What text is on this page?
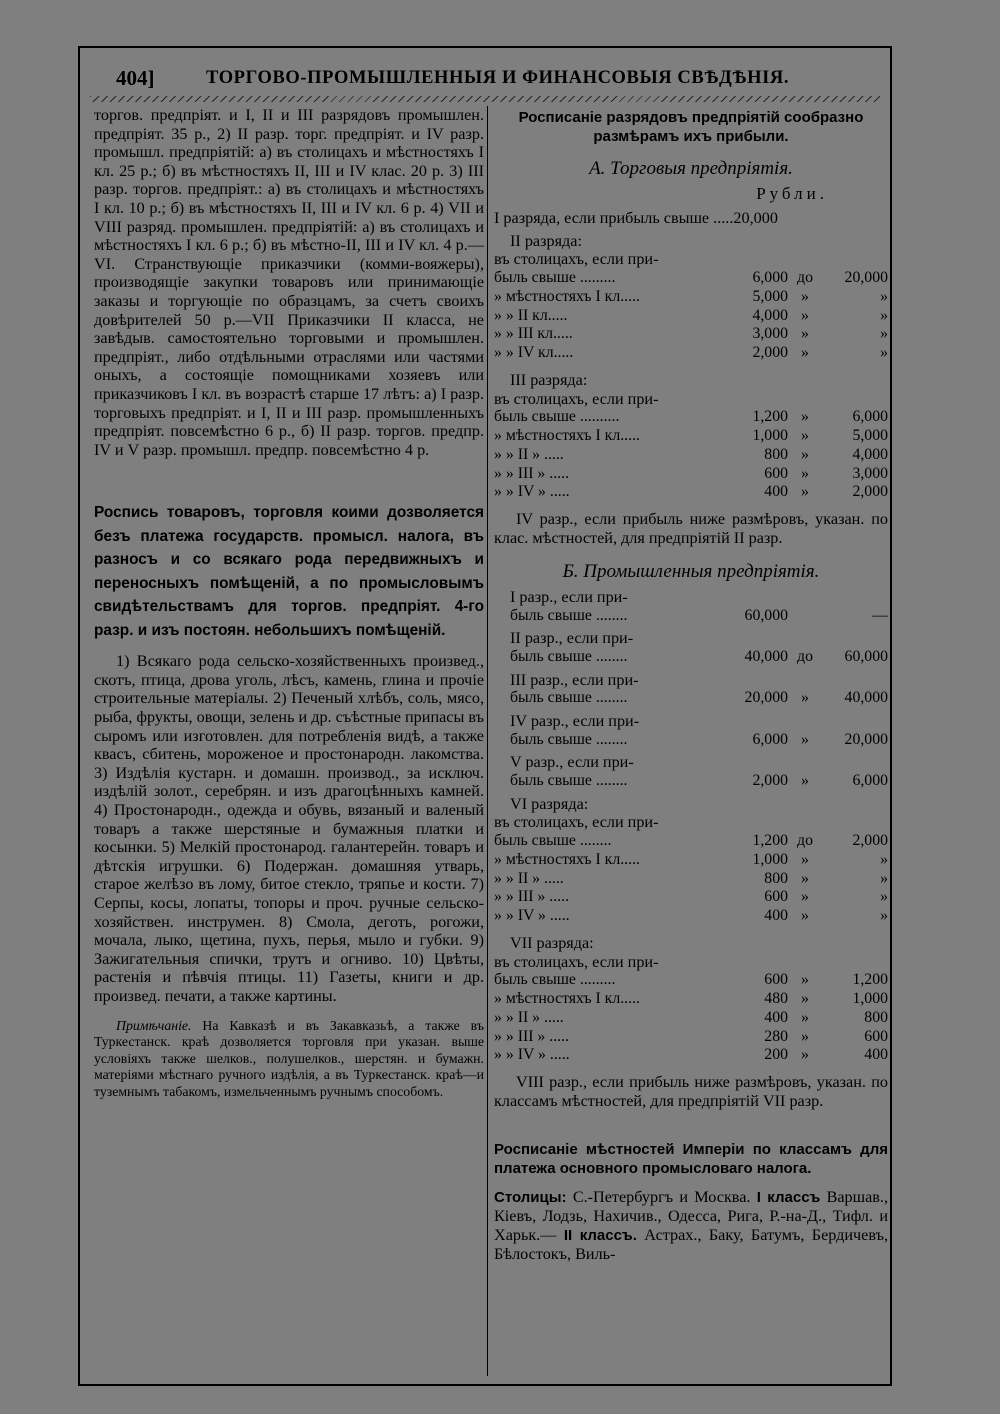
404]	ТОРГОВО-ПРОМЫШЛЕННЫЯ И ФИНАНСОВЫЯ СВѢДѢНІЯ.

торгов. предпріят. и I, II и III разрядовъ промышлен. предпріят. 35 р., 2) II разр. торг. предпріят. и IV разр. промышл. предпріятій: а) въ столицахъ и мѣстностяхъ I кл. 25 р.; б) въ мѣстностяхъ II, III и IV клас. 20 р. 3) III разр. торгов. предпріят.: а) въ столицахъ и мѣстностяхъ I кл. 10 р.; б) въ мѣстностяхъ II, III и IV кл. 6 р. 4) VII и VIII разряд. промышлен. предпріятій: а) въ столицахъ и мѣстностяхъ I кл. 6 р.; б) въ мѣстно-II, III и IV кл. 4 р.—VI. Странствующіе приказчики (комми-вояжеры), производящіе закупки товаровъ или принимающіе заказы и торгующіе по образцамъ, за счетъ своихъ довѣрителей 50 р.—VII Приказчики II класса, не завѣдыв. самостоятельно торговыми и промышлен. предпріят., либо отдѣльными отраслями или частями оныхъ, а состоящіе помощниками хозяевъ или приказчиковъ I кл. въ возрастѣ старше 17 лѣтъ: а) I разр. торговыхъ предпріят. и I, II и III разр. промышленныхъ предпріят. повсемѣстно 6 р., б) II разр. торгов. предпр. IV и V разр. промышл. предпр. повсемѣстно 4 р.

Роспись товаровъ, торговля коими дозволяется безъ платежа государств. промысл. налога, въ разносъ и со всякаго рода передвижныхъ и переносныхъ помѣщеній, а по промысловымъ свидѣтельствамъ для торгов. предпріят. 4-го разр. и изъ постоян. небольшихъ помѣщеній.

1) Всякаго рода сельско-хозяйственныхъ произвед., скотъ, птица, дрова уголь, лѣсъ, камень, глина и прочіе строительные матеріалы. 2) Печеный хлѣбъ, соль, мясо, рыба, фрукты, овощи, зелень и др. съѣстные припасы въ сыромъ или изготовлен. для потребленія видѣ, а также квасъ, сбитень, мороженое и простонародн. лакомства. 3) Издѣлія кустарн. и домашн. производ., за исключ. издѣлій золот., серебрян. и изъ драгоцѣнныхъ камней. 4) Простонародн., одежда и обувь, вязаный и валеный товаръ а также шерстяные и бумажныя платки и косынки. 5) Мелкій простонарод. галантерейн. товаръ и дѣтскія игрушки. 6) Подержан. домашняя утварь, старое желѣзо въ лому, битое стекло, тряпье и кости. 7) Серпы, косы, лопаты, топоры и проч. ручные сельско-хозяйствен. инструмен. 8) Смола, деготь, рогожи, мочала, лыко, щетина, пухъ, перья, мыло и губки. 9) Зажигательныя спички, трутъ и огниво. 10) Цвѣты, растенія и пѣвчія птицы. 11) Газеты, книги и др. произвед. печати, а также картины.

Примѣчаніе. На Кавказѣ и въ Закавказьѣ, а также въ Туркестанск. краѣ дозволяется торговля при указан. выше условіяхъ также шелков., полушелков., шерстян. и бумажн. матеріями мѣстнаго ручного издѣлія, а въ Туркестанск. краѣ—и туземнымъ табакомъ, измельченнымъ ручнымъ способомъ.

Росписаніе разрядовъ предпріятій сообразно размѣрамъ ихъ прибыли.

А. Торговыя предпріятія.
Рубли.

I разряда, если прибыль свыше .....20,000

II разряда:
въ столицахъ, если при-
быль свыше .........	6,000	до	20,000
» мѣстностяхъ I кл.....	5,000	»	»
» » II кл.....	4,000	»	»
» » III кл.....	3,000	»	»
» » IV кл.....	2,000	»	»
III разряда:
въ столицахъ, если при-
быль свыше ..........	1,200	»	6,000
» мѣстностяхъ I кл.....	1,000	»	5,000
» » II » .....	800	»	4,000
» » III » .....	600	»	3,000
» » IV » .....	400	»	2,000

IV разр., если прибыль ниже размѣровъ, указан. по клас. мѣстностей, для предпріятій II разр.

Б. Промышленныя предпріятія.
I разр., если при-
быль свыше ........	60,000		—
II разр., если при-
быль свыше ........	40,000	до	60,000
III разр., если при-
быль свыше ........	20,000	»	40,000
IV разр., если при-
быль свыше ........	6,000	»	20,000
V разр., если при-
быль свыше ........	2,000	»	6,000
VI разряда:
въ столицахъ, если при-
быль свыше ........	1,200	до	2,000
» мѣстностяхъ I кл.....	1,000	»	»
» » II » .....	800	»	»
» » III » .....	600	»	»
» » IV » .....	400	»	»
VII разряда:
въ столицахъ, если при-
быль свыше .........	600	»	1,200
» мѣстностяхъ I кл.....	480	»	1,000
» » II » .....	400	»	800
» » III » .....	280	»	600
» » IV » .....	200	»	400

VIII разр., если прибыль ниже размѣровъ, указан. по классамъ мѣстностей, для предпріятій VII разр.

Росписаніе мѣстностей Имперіи по классамъ для платежа основного промысловаго налога.

Столицы: С.-Петербургъ и Москва. I классъ Варшав., Кіевъ, Лодзь, Нахичив., Одесса, Рига, Р.-на-Д., Тифл. и Харьк.— II классъ. Астрах., Баку, Батумъ, Бердичевъ, Бѣлостокъ, Виль-
